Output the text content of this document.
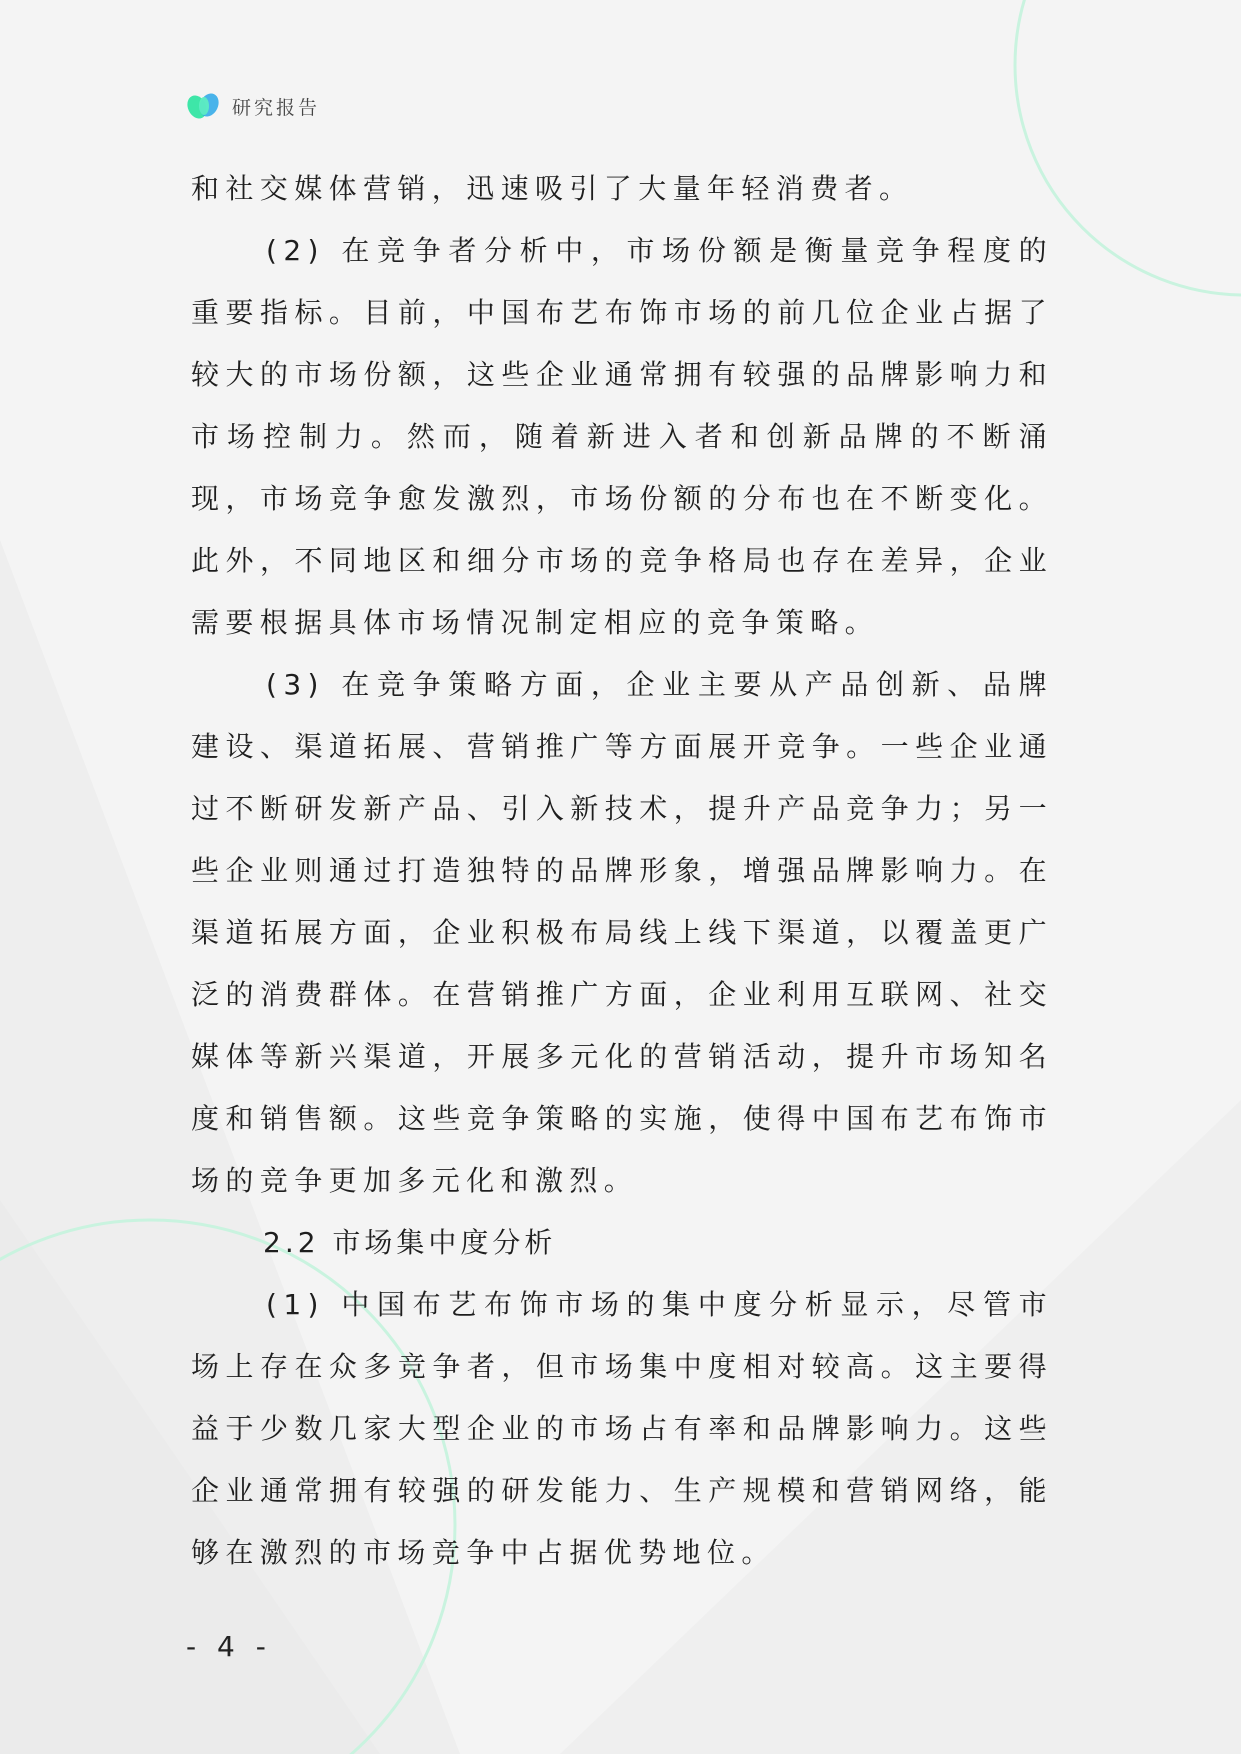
研究报告

和社交媒体营销，迅速吸引了大量年轻消费者。

(2) 在竞争者分析中，市场份额是衡量竞争程度的重要指标。目前，中国布艺布饰市场的前几位企业占据了较大的市场份额，这些企业通常拥有较强的品牌影响力和市场控制力。然而，随着新进入者和创新品牌的不断涌现，市场竞争愈发激烈，市场份额的分布也在不断变化。此外，不同地区和细分市场的竞争格局也存在差异，企业需要根据具体市场情况制定相应的竞争策略。

(3) 在竞争策略方面，企业主要从产品创新、品牌建设、渠道拓展、营销推广等方面展开竞争。一些企业通过不断研发新产品、引入新技术，提升产品竞争力；另一些企业则通过打造独特的品牌形象，增强品牌影响力。在渠道拓展方面，企业积极布局线上线下渠道，以覆盖更广泛的消费群体。在营销推广方面，企业利用互联网、社交媒体等新兴渠道，开展多元化的营销活动，提升市场知名度和销售额。这些竞争策略的实施，使得中国布艺布饰市场的竞争更加多元化和激烈。

2.2 市场集中度分析

(1) 中国布艺布饰市场的集中度分析显示，尽管市场上存在众多竞争者，但市场集中度相对较高。这主要得益于少数几家大型企业的市场占有率和品牌影响力。这些企业通常拥有较强的研发能力、生产规模和营销网络，能够在激烈的市场竞争中占据优势地位。

- 4 -
